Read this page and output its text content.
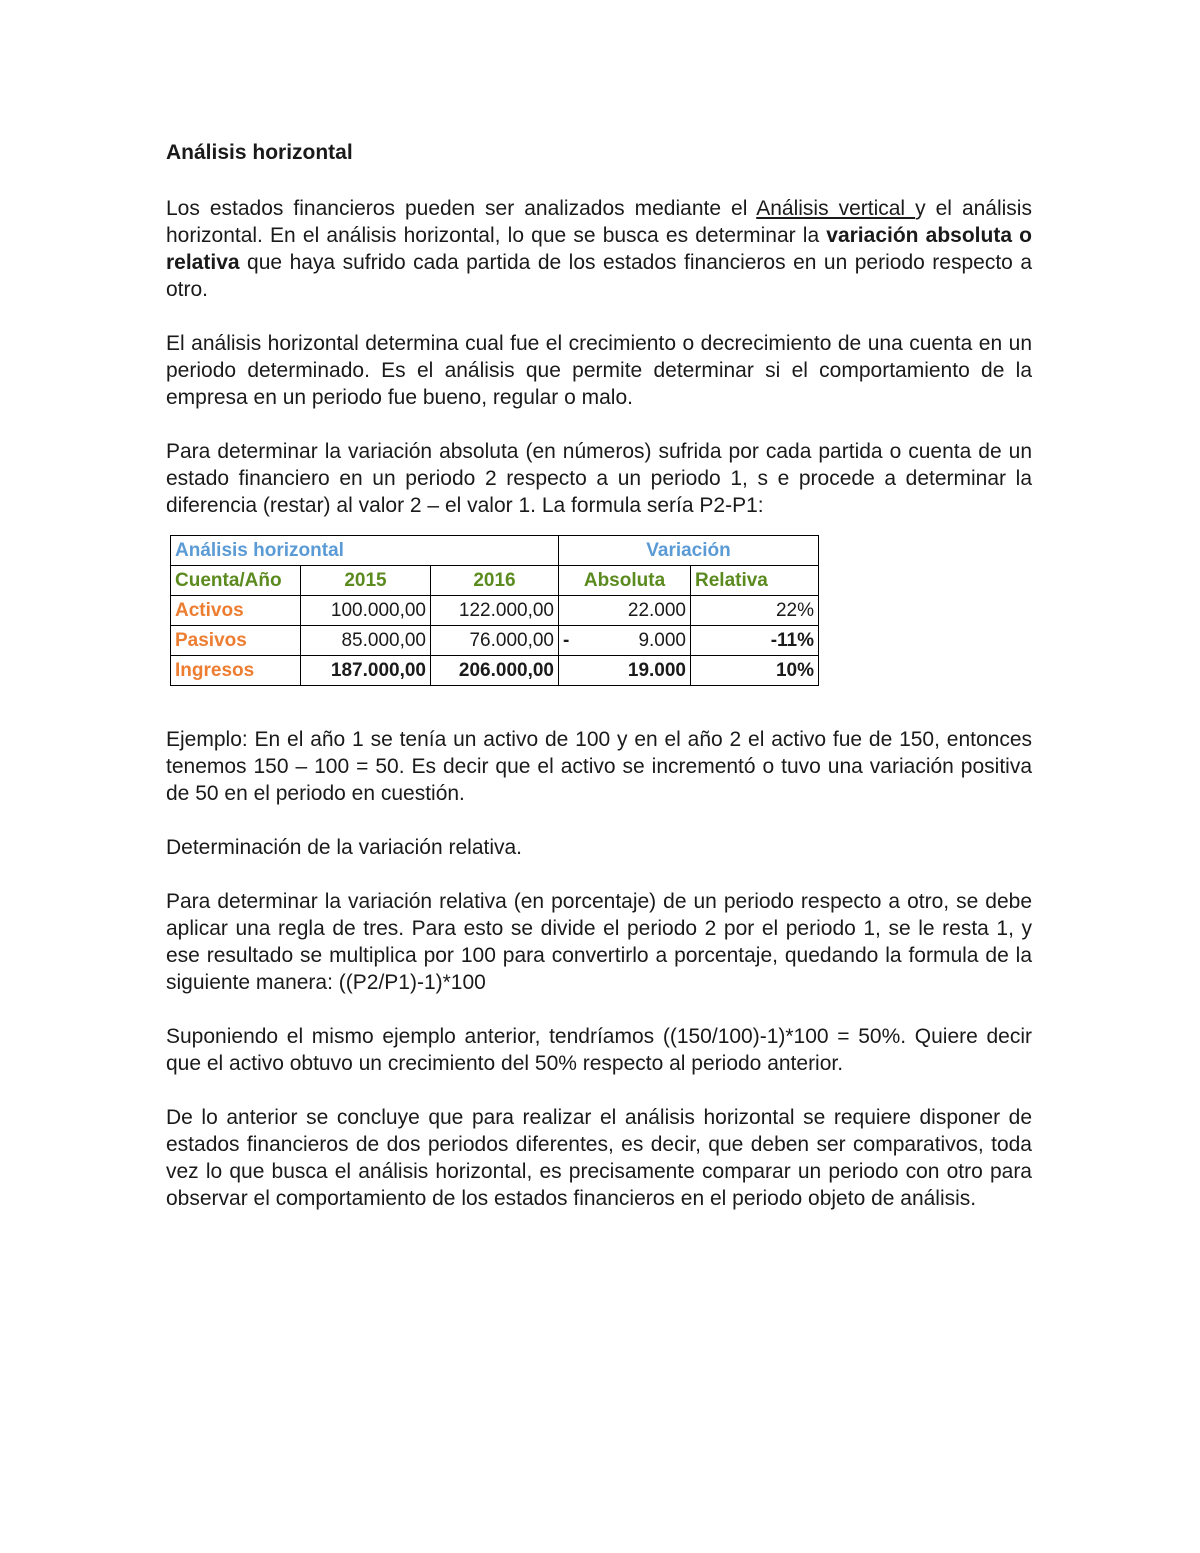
Análisis horizontal

Los estados financieros pueden ser analizados mediante el Análisis vertical y el análisis horizontal. En el análisis horizontal, lo que se busca es determinar la variación absoluta o relativa que haya sufrido cada partida de los estados financieros en un periodo respecto a otro.

El análisis horizontal determina cual fue el crecimiento o decrecimiento de una cuenta en un periodo determinado. Es el análisis que permite determinar si el comportamiento de la empresa en un periodo fue bueno, regular o malo.

Para determinar la variación absoluta (en números) sufrida por cada partida o cuenta de un estado financiero en un periodo 2 respecto a un periodo 1, s e procede a determinar la diferencia (restar) al valor 2 – el valor 1. La formula sería P2-P1:

Análisis horizontal			Variación	
Cuenta/Año	2015	2016	Absoluta	Relativa
Activos	100.000,00	122.000,00	22.000	22%
Pasivos	85.000,00	76.000,00	- 9.000	-11%
Ingresos	187.000,00	206.000,00	19.000	10%

Ejemplo: En el año 1 se tenía un activo de 100 y en el año 2 el activo fue de 150, entonces tenemos 150 – 100 = 50. Es decir que el activo se incrementó o tuvo una variación positiva de 50 en el periodo en cuestión.

Determinación de la variación relativa.

Para determinar la variación relativa (en porcentaje) de un periodo respecto a otro, se debe aplicar una regla de tres. Para esto se divide el periodo 2 por el periodo 1, se le resta 1, y ese resultado se multiplica por 100 para convertirlo a porcentaje, quedando la formula de la siguiente manera: ((P2/P1)-1)*100

Suponiendo el mismo ejemplo anterior, tendríamos ((150/100)-1)*100 = 50%. Quiere decir que el activo obtuvo un crecimiento del 50% respecto al periodo anterior.

De lo anterior se concluye que para realizar el análisis horizontal se requiere disponer de estados financieros de dos periodos diferentes, es decir, que deben ser comparativos, toda vez lo que busca el análisis horizontal, es precisamente comparar un periodo con otro para observar el comportamiento de los estados financieros en el periodo objeto de análisis.
